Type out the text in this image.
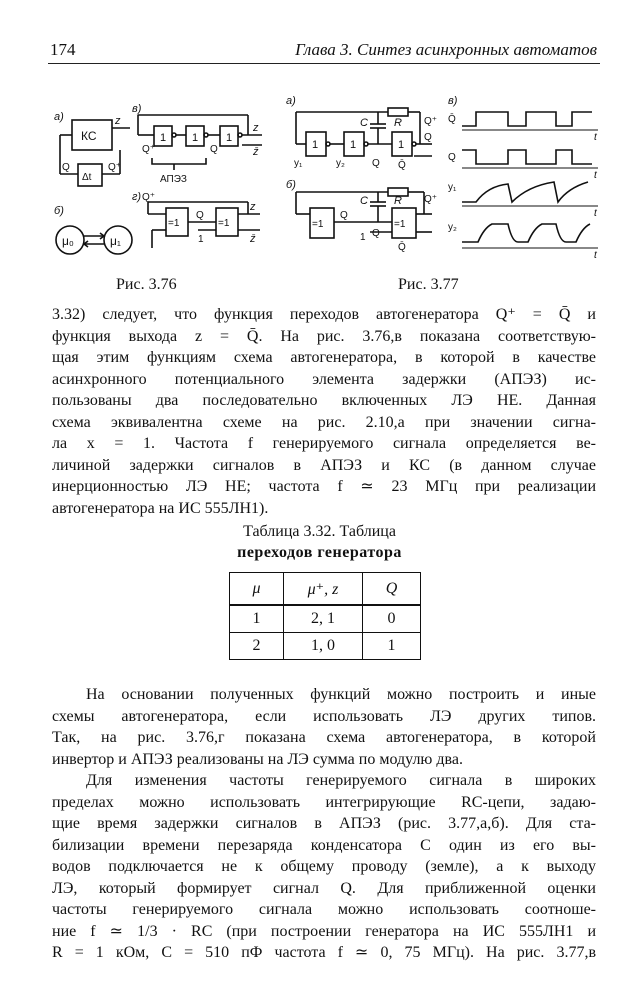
174	Глава 3. Синтез асинхронных автоматов
а)
КС
z
Δt
Q	Q⁺
б)
μ₀	μ₁
в)
1 1	1
z
z̄
Q⁺	Q
АПЭЗ
г)
=1	=1
Q⁺
Q
1
z
z̄
а)
1	1	1
C R Q⁺
y₁	y₂	Q
Q
Q̄
б)
=1	=1
C R Q⁺
Q
Q
1
Q̄
в)
Q̄
t
Q
t
y₁
t
y₂
t
Рис. 3.76	Рис. 3.77
3.32) следует, что функция переходов автогенератора Q⁺ = Q̄ и
функция выхода z = Q̄. На рис. 3.76,в показана соответствую-
щая этим функциям схема автогенератора, в которой в качестве
асинхронного потенциального элемента задержки (АПЭЗ) ис-
пользованы два последовательно включенных ЛЭ НЕ. Данная
схема эквивалентна схеме на рис. 2.10,а при значении сигна-
ла x = 1. Частота f генерируемого сигнала определяется ве-
личиной задержки сигналов в АПЭЗ и КС (в данном случае
инерционностью ЛЭ НЕ; частота f ≃ 23 МГц при реализации
автогенератора на ИС 555ЛН1).
Таблица 3.32. Таблица
переходов генератора
μ	μ⁺, z	Q
1	2, 1	0
2	1, 0	1
На основании полученных функций можно построить и иные
схемы автогенератора, если использовать ЛЭ других типов.
Так, на рис. 3.76,г показана схема автогенератора, в которой
инвертор и АПЭЗ реализованы на ЛЭ сумма по модулю два.
Для изменения частоты генерируемого сигнала в широких
пределах можно использовать интегрирующие RC-цепи, задаю-
щие время задержки сигналов в АПЭЗ (рис. 3.77,а,б). Для ста-
билизации времени перезаряда конденсатора C один из его вы-
водов подключается не к общему проводу (земле), а к выходу
ЛЭ, который формирует сигнал Q. Для приближенной оценки
частоты генерируемого сигнала можно использовать соотноше-
ние f ≃ 1/3 · RC (при построении генератора на ИС 555ЛН1 и
R = 1 кОм, C = 510 пФ частота f ≃ 0, 75 МГц). На рис. 3.77,в
